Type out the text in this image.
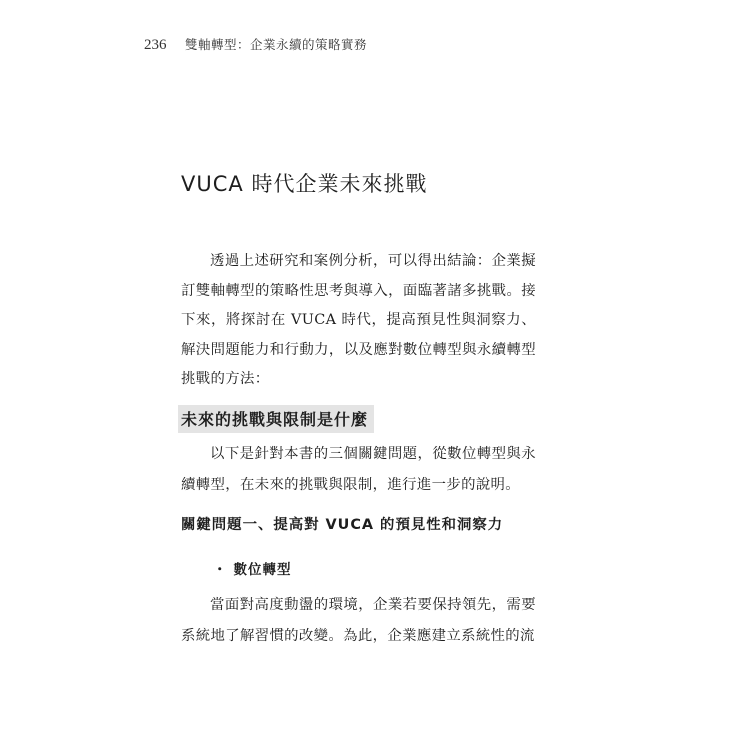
236 雙軸轉型：企業永續的策略實務
VUCA 時代企業未來挑戰

透過上述研究和案例分析，可以得出結論：企業擬訂雙軸轉型的策略性思考與導入，面臨著諸多挑戰。接下來，將探討在 VUCA 時代，提高預見性與洞察力、解決問題能力和行動力，以及應對數位轉型與永續轉型挑戰的方法：

未來的挑戰與限制是什麼

以下是針對本書的三個關鍵問題，從數位轉型與永續轉型，在未來的挑戰與限制，進行進一步的說明。

關鍵問題一、提高對 VUCA 的預見性和洞察力
・ 數位轉型

當面對高度動盪的環境，企業若要保持領先，需要系統地了解習慣的改變。為此，企業應建立系統性的流
